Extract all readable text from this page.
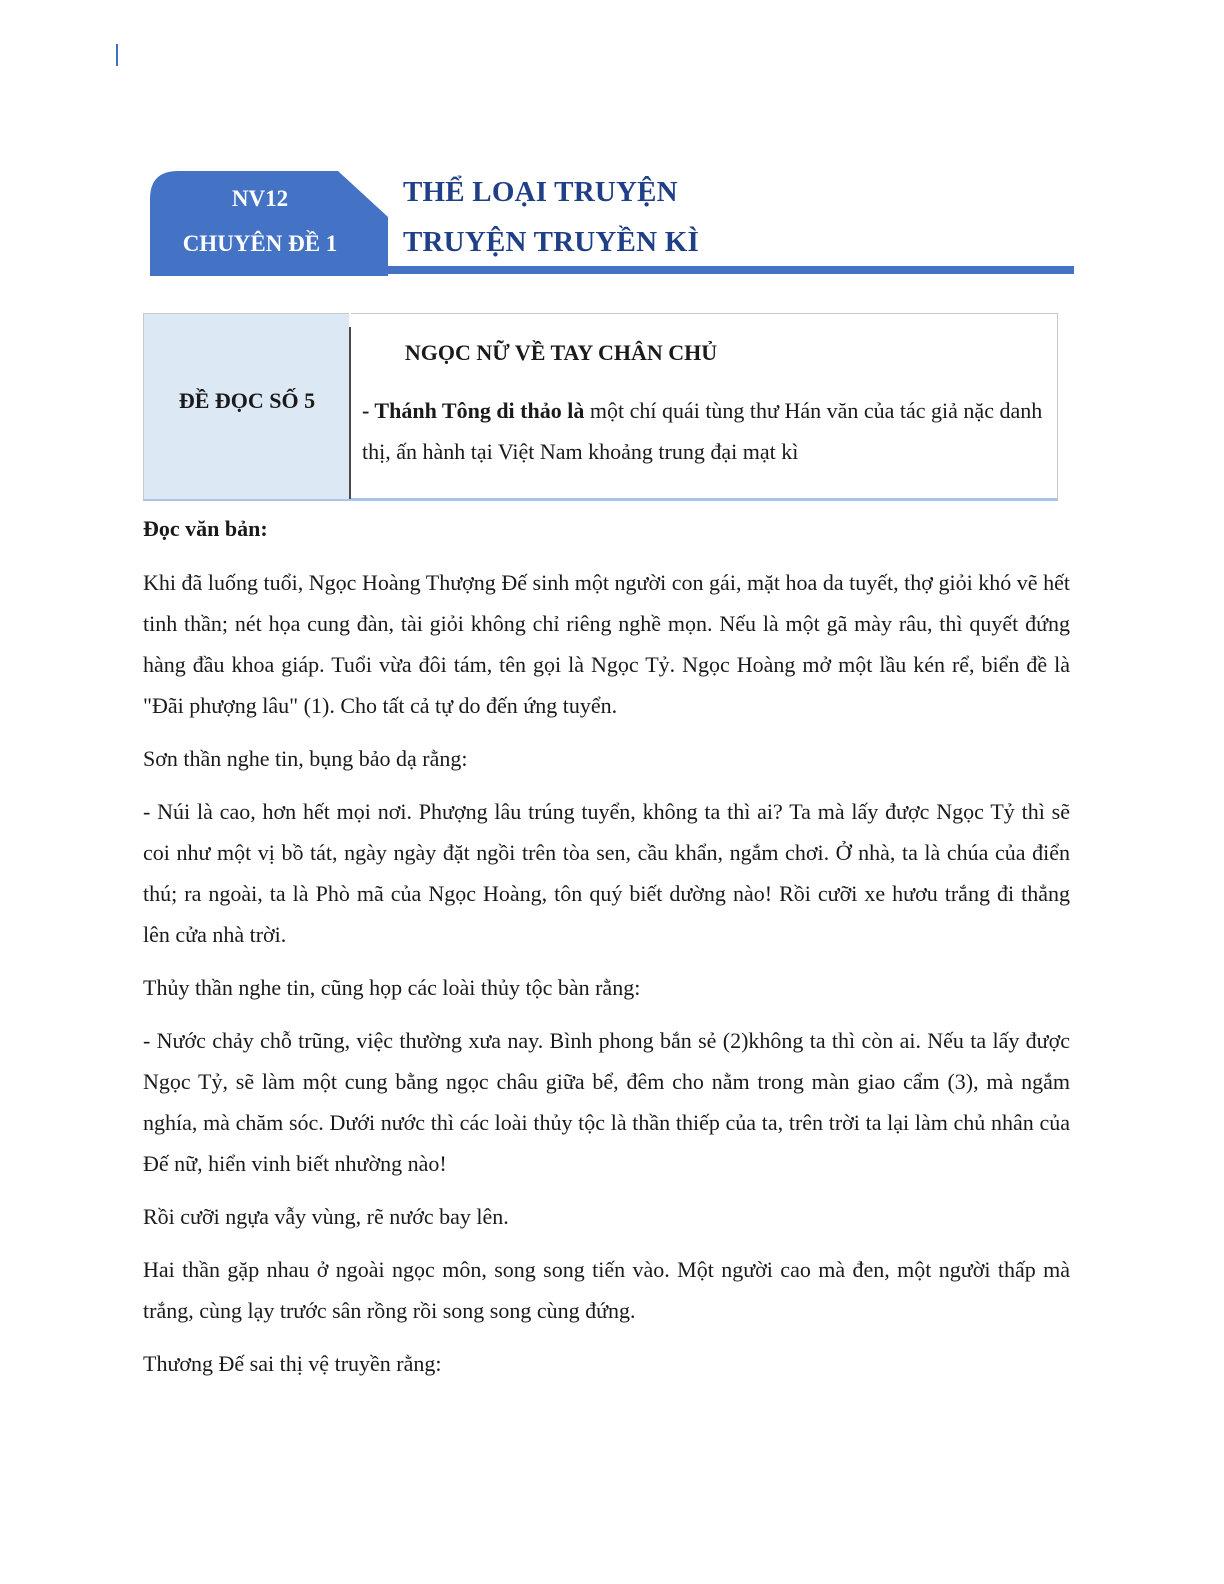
NV12
CHUYÊN ĐỀ 1
THỂ LOẠI TRUYỆN
TRUYỆN TRUYỀN KÌ
ĐỀ ĐỌC SỐ 5	- Thánh Tông di thảo là một chí quái tùng thư Hán văn của tác giả nặc danh thị, ấn hành tại Việt Nam khoảng trung đại mạt kì
NGỌC NỮ VỀ TAY CHÂN CHỦ
Đọc văn bản:

Khi đã luống tuổi, Ngọc Hoàng Thượng Đế sinh một người con gái, mặt hoa da tuyết, thợ giỏi khó vẽ hết tinh thần; nét họa cung đàn, tài giỏi không chỉ riêng nghề mọn. Nếu là một gã mày râu, thì quyết đứng hàng đầu khoa giáp. Tuổi vừa đôi tám, tên gọi là Ngọc Tỷ. Ngọc Hoàng mở một lầu kén rể, biển đề là "Đãi phượng lâu" (1). Cho tất cả tự do đến ứng tuyển.

Sơn thần nghe tin, bụng bảo dạ rằng:

- Núi là cao, hơn hết mọi nơi. Phượng lâu trúng tuyển, không ta thì ai? Ta mà lấy được Ngọc Tỷ thì sẽ coi như một vị bồ tát, ngày ngày đặt ngồi trên tòa sen, cầu khẩn, ngắm chơi. Ở nhà, ta là chúa của điển thú; ra ngoài, ta là Phò mã của Ngọc Hoàng, tôn quý biết dường nào! Rồi cưỡi xe hươu trắng đi thẳng lên cửa nhà trời.

Thủy thần nghe tin, cũng họp các loài thủy tộc bàn rằng:

- Nước chảy chỗ trũng, việc thường xưa nay. Bình phong bắn sẻ (2)không ta thì còn ai. Nếu ta lấy được Ngọc Tỷ, sẽ làm một cung bằng ngọc châu giữa bể, đêm cho nằm trong màn giao cẩm (3), mà ngắm nghía, mà chăm sóc. Dưới nước thì các loài thủy tộc là thần thiếp của ta, trên trời ta lại làm chủ nhân của Đế nữ, hiển vinh biết nhường nào!

Rồi cưỡi ngựa vẫy vùng, rẽ nước bay lên.

Hai thần gặp nhau ở ngoài ngọc môn, song song tiến vào. Một người cao mà đen, một người thấp mà trắng, cùng lạy trước sân rồng rồi song song cùng đứng.

Thương Đế sai thị vệ truyền rằng:
